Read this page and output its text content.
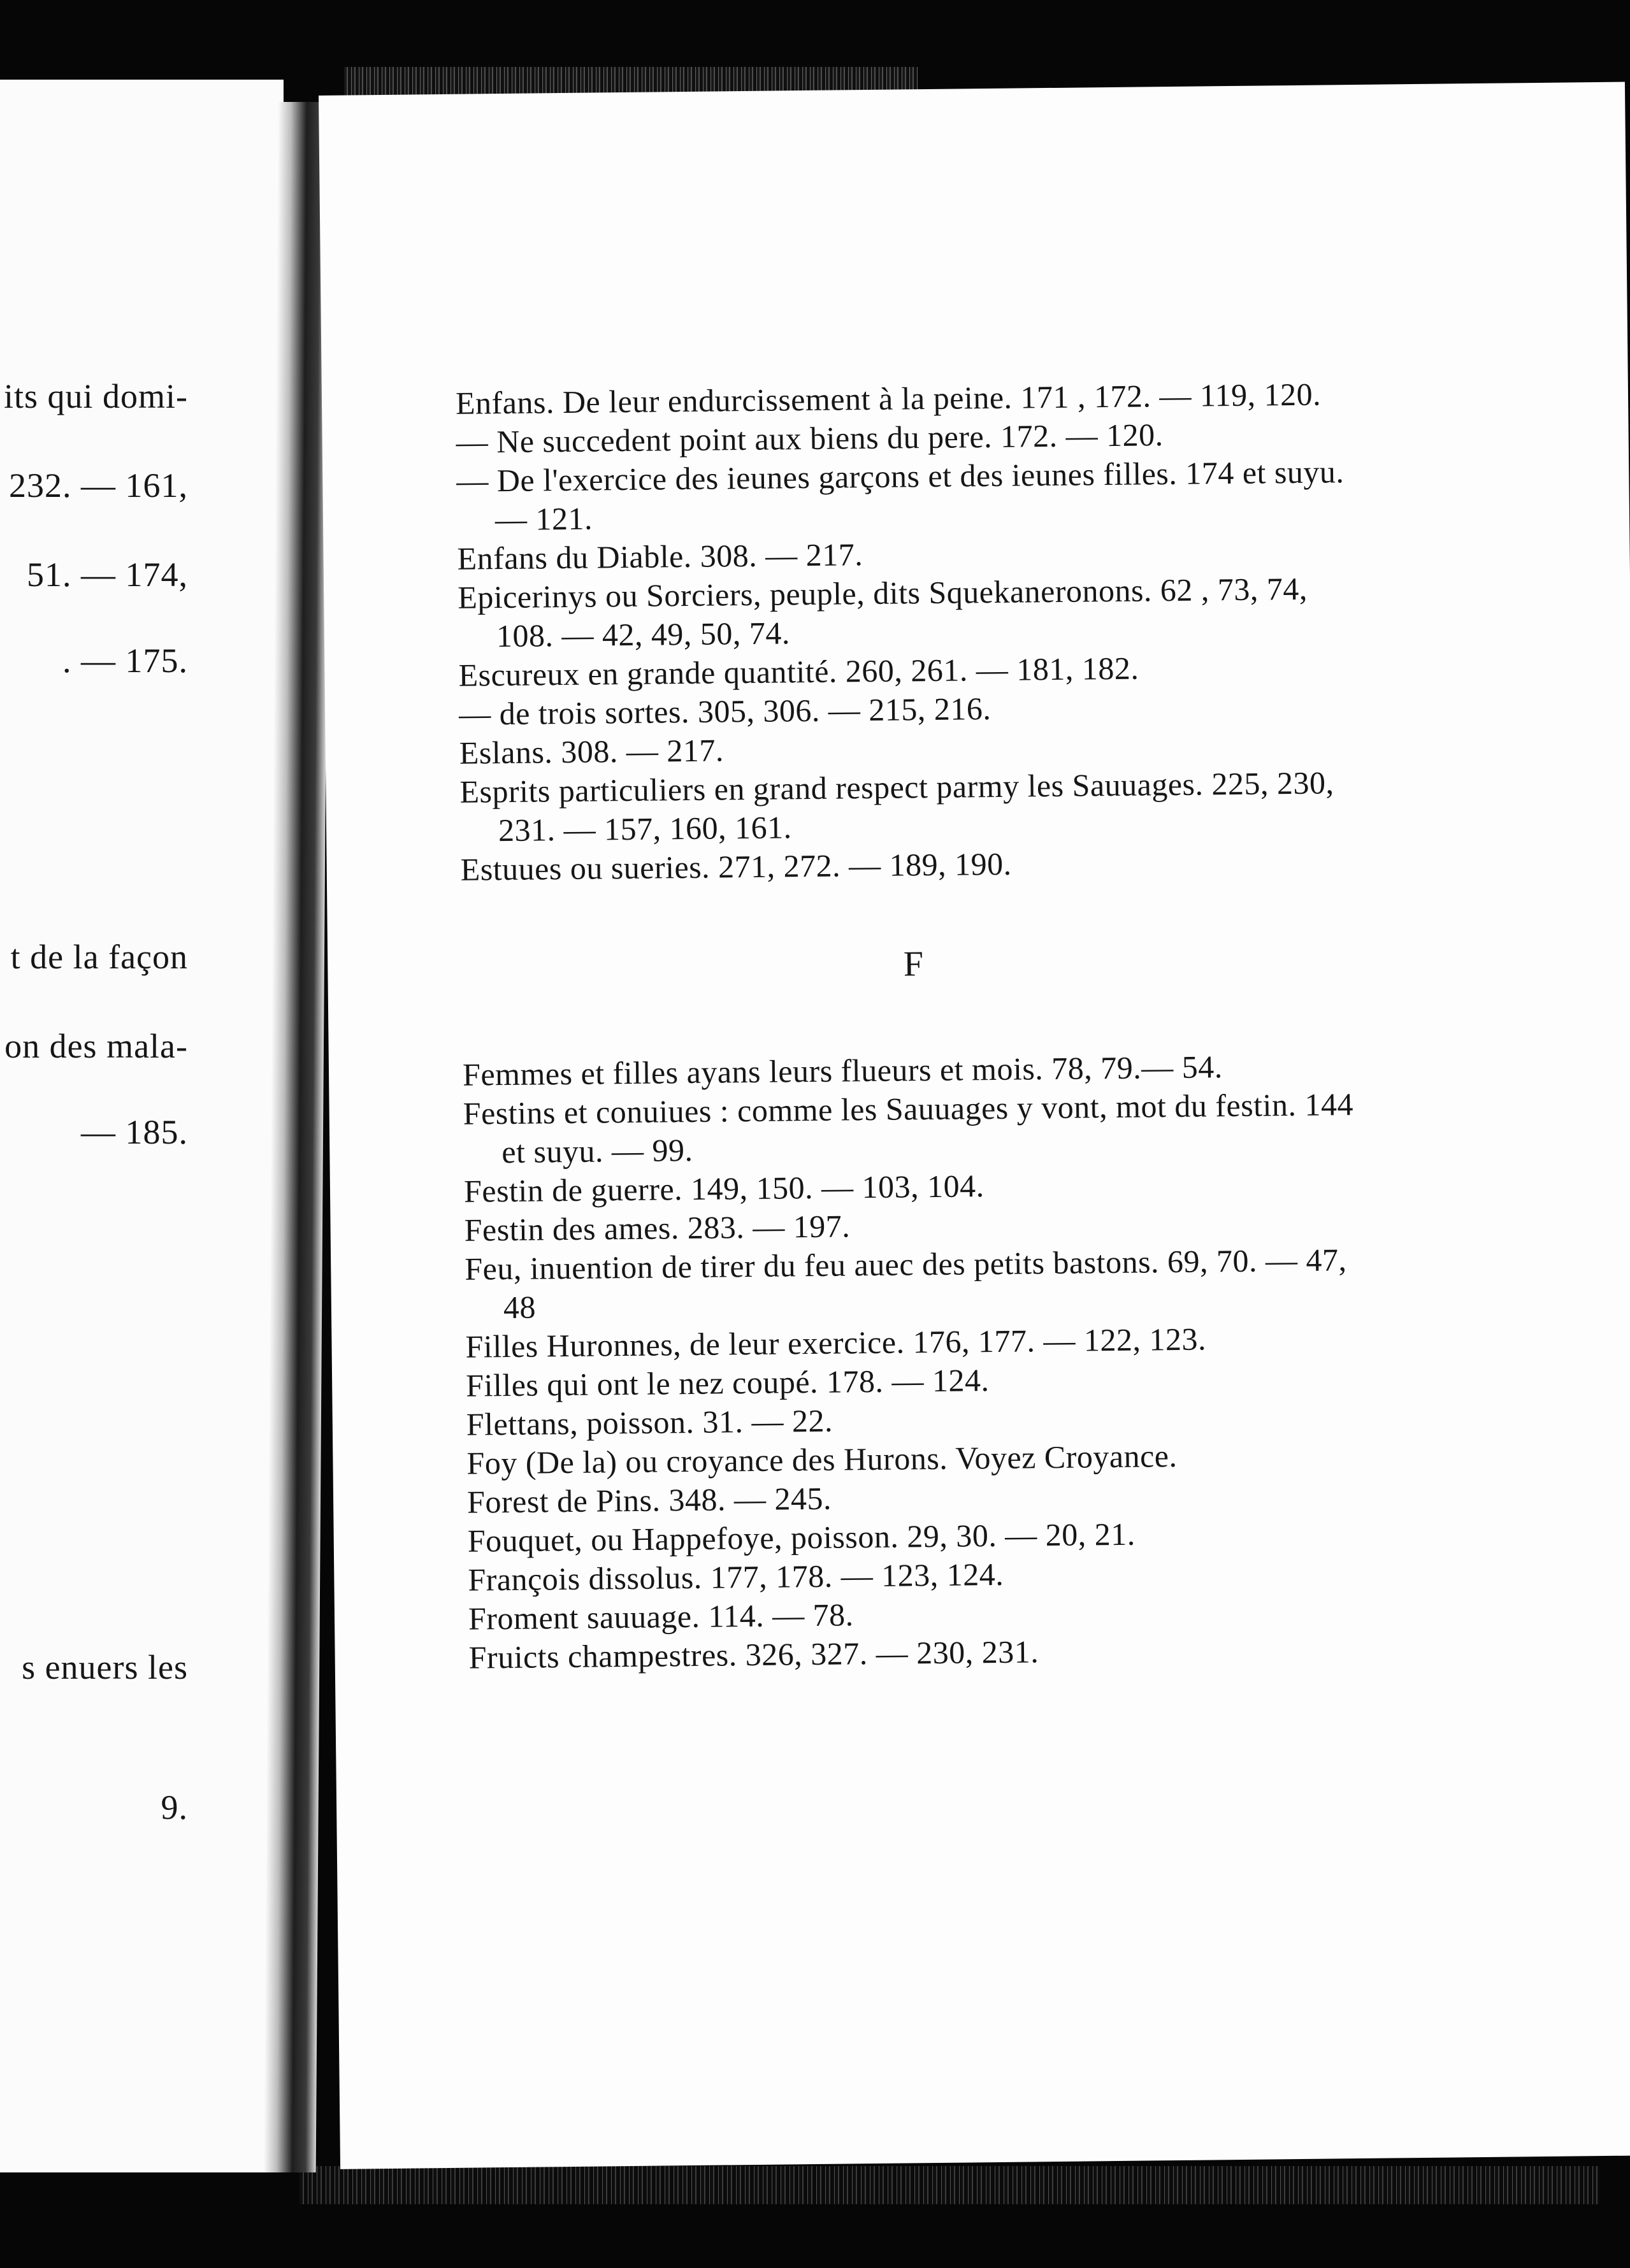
its qui domi-
232. — 161,
51. — 174,
. — 175.
t de la façon
on des mala-
— 185.
s enuers les
9.

Enfans. De leur endurcissement à la peine. 171 , 172. — 119, 120.

— Ne succedent point aux biens du pere. 172. — 120.

— De l'exercice des ieunes garçons et des ieunes filles. 174 et suyu. — 121.

Enfans du Diable. 308. — 217.

Epicerinys ou Sorciers, peuple, dits Squekaneronons. 62 , 73, 74, 108. — 42, 49, 50, 74.

Escureux en grande quantité. 260, 261. — 181, 182.

— de trois sortes. 305, 306. — 215, 216.

Eslans. 308. — 217.

Esprits particuliers en grand respect parmy les Sauuages. 225, 230, 231. — 157, 160, 161.

Estuues ou sueries. 271, 272. — 189, 190.

F

Femmes et filles ayans leurs flueurs et mois. 78, 79.— 54.

Festins et conuiues : comme les Sauuages y vont, mot du festin. 144 et suyu. — 99.

Festin de guerre. 149, 150. — 103, 104.

Festin des ames. 283. — 197.

Feu, inuention de tirer du feu auec des petits bastons. 69, 70. — 47, 48

Filles Huronnes, de leur exercice. 176, 177. — 122, 123.

Filles qui ont le nez coupé. 178. — 124.

Flettans, poisson. 31. — 22.

Foy (De la) ou croyance des Hurons. Voyez Croyance.

Forest de Pins. 348. — 245.

Fouquet, ou Happefoye, poisson. 29, 30. — 20, 21.

François dissolus. 177, 178. — 123, 124.

Froment sauuage. 114. — 78.

Fruicts champestres. 326, 327. — 230, 231.
